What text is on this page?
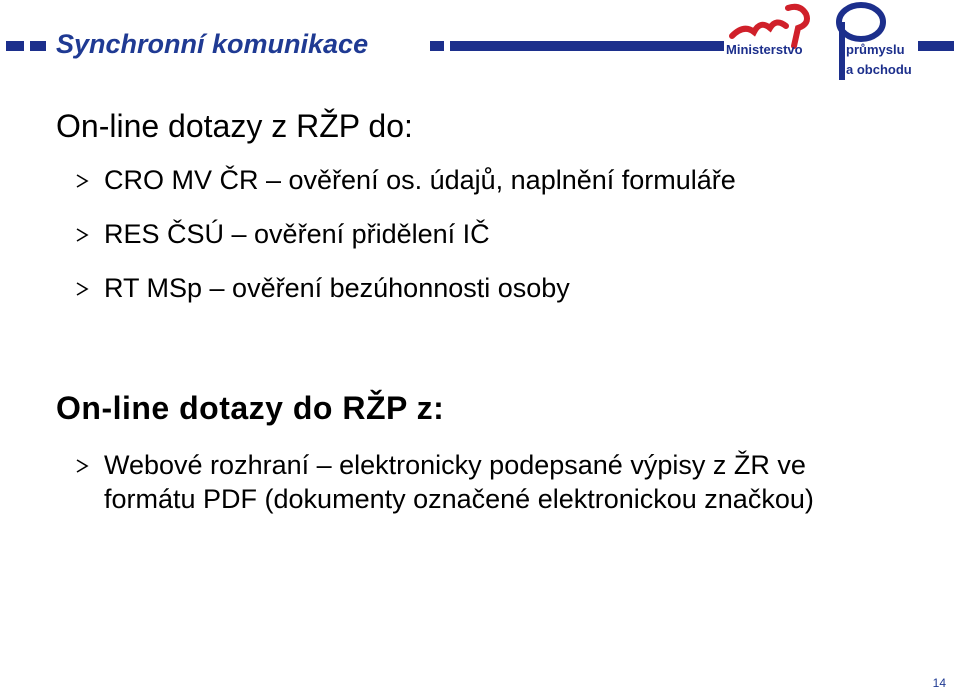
Synchronní komunikace	Ministerstvo	průmyslu
a obchodu
On-line dotazy z RŽP do:
CRO MV ČR – ověření os. údajů, naplnění formuláře
RES ČSÚ – ověření přidělení IČ
RT MSp – ověření bezúhonnosti osoby
On-line dotazy do RŽP z:
Webové rozhraní – elektronicky podepsané výpisy z ŽR ve formátu PDF (dokumenty označené elektronickou značkou)
14
